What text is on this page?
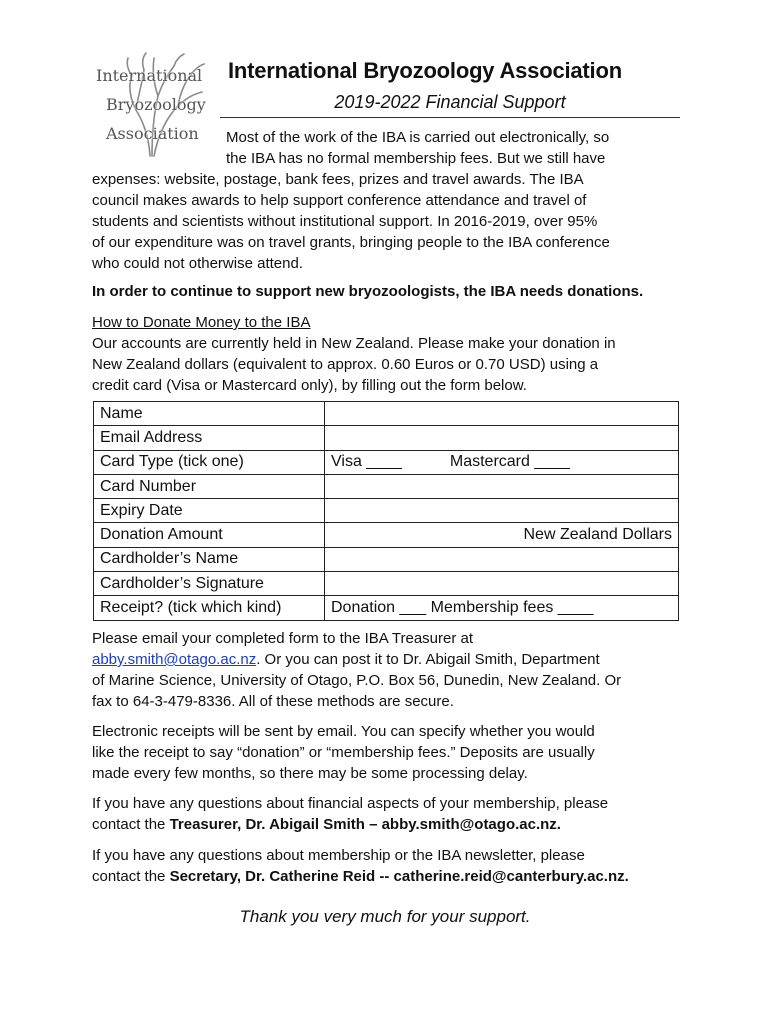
International
Bryozoology
Association
International Bryozoology Association
2019-2022 Financial Support
Most of the work of the IBA is carried out electronically, so
the IBA has no formal membership fees. But we still have
expenses: website, postage, bank fees, prizes and travel awards. The IBA
council makes awards to help support conference attendance and travel of
students and scientists without institutional support. In 2016-2019, over 95%
of our expenditure was on travel grants, bringing people to the IBA conference
who could not otherwise attend.
In order to continue to support new bryozoologists, the IBA needs donations.
How to Donate Money to the IBA
Our accounts are currently held in New Zealand. Please make your donation in
New Zealand dollars (equivalent to approx. 0.60 Euros or 0.70 USD) using a
credit card (Visa or Mastercard only), by filling out the form below.
Name	
Email Address	
Card Type (tick one)	Visa ____ Mastercard ____
Card Number	
Expiry Date	
Donation Amount	New Zealand Dollars
Cardholder’s Name	
Cardholder’s Signature	
Receipt? (tick which kind)	Donation ___ Membership fees ____
Please email your completed form to the IBA Treasurer at
abby.smith@otago.ac.nz. Or you can post it to Dr. Abigail Smith, Department
of Marine Science, University of Otago, P.O. Box 56, Dunedin, New Zealand. Or
fax to 64-3-479-8336. All of these methods are secure.
Electronic receipts will be sent by email. You can specify whether you would
like the receipt to say “donation” or “membership fees.” Deposits are usually
made every few months, so there may be some processing delay.
If you have any questions about financial aspects of your membership, please
contact the Treasurer, Dr. Abigail Smith – abby.smith@otago.ac.nz.
If you have any questions about membership or the IBA newsletter, please
contact the Secretary, Dr. Catherine Reid -- catherine.reid@canterbury.ac.nz.
Thank you very much for your support.
